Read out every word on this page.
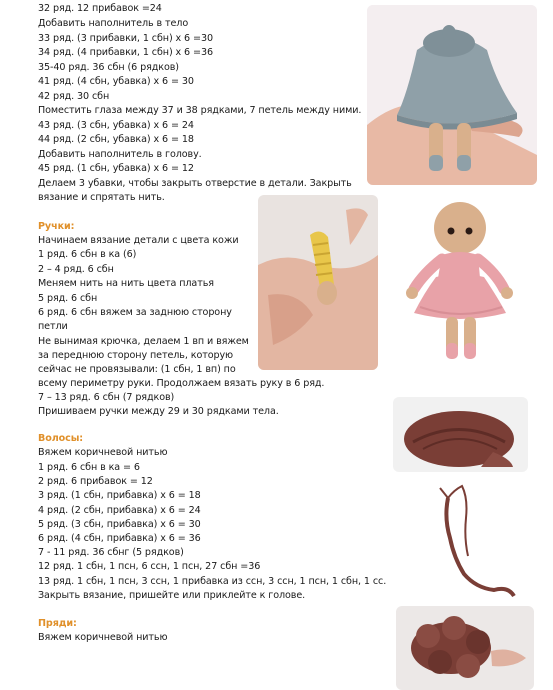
32 ряд. 12 прибавок =24
Добавить наполнитель в тело
33 ряд. (3 прибавки, 1 сбн) х 6 =30
34 ряд. (4 прибавки, 1 сбн) х 6 =36
35-40 ряд. 36 сбн (6 рядков)
41 ряд. (4 сбн, убавка) х 6 = 30
42 ряд. 30 сбн
Поместить глаза между 37 и 38 рядками, 7 петель между ними.
43 ряд. (3 сбн, убавка) х 6 = 24
44 ряд. (2 сбн, убавка) х 6 = 18
Добавить наполнитель в голову.
45 ряд. (1 сбн, убавка) х 6 = 12
Делаем 3 убавки, чтобы закрыть отверстие в детали. Закрыть
вязание и спрятать нить.
Ручки:
Начинаем вязание детали с цвета кожи
1 ряд. 6 сбн в ка (6)
2 – 4 ряд. 6 сбн
Меняем нить на нить цвета платья
5 ряд. 6 сбн
6 ряд. 6 сбн вяжем за заднюю сторону
петли
Не вынимая крючка, делаем 1 вп и вяжем
за переднюю сторону петель, которую
сейчас не провязывали: (1 сбн, 1 вп) по
всему периметру руки. Продолжаем вязать руку в 6 ряд.
7 – 13 ряд. 6 сбн (7 рядков)
Пришиваем ручки между 29 и 30 рядками тела.
Волосы:
Вяжем коричневой нитью
1 ряд. 6 сбн в ка = 6
2 ряд. 6 прибавок = 12
3 ряд. (1 сбн, прибавка) х 6 = 18
4 ряд. (2 сбн, прибавка) х 6 = 24
5 ряд. (3 сбн, прибавка) х 6 = 30
6 ряд. (4 сбн, прибавка) х 6 = 36
7 - 11 ряд. 36 сбнг (5 рядков)
12 ряд. 1 сбн, 1 псн, 6 ссн, 1 псн, 27 сбн =36
13 ряд. 1 сбн, 1 псн, 3 ссн, 1 прибавка из ссн, 3 ссн, 1 псн, 1 сбн, 1 сс.
Закрыть вязание, пришейте или приклейте к голове.
Пряди:
Вяжем коричневой нитью
